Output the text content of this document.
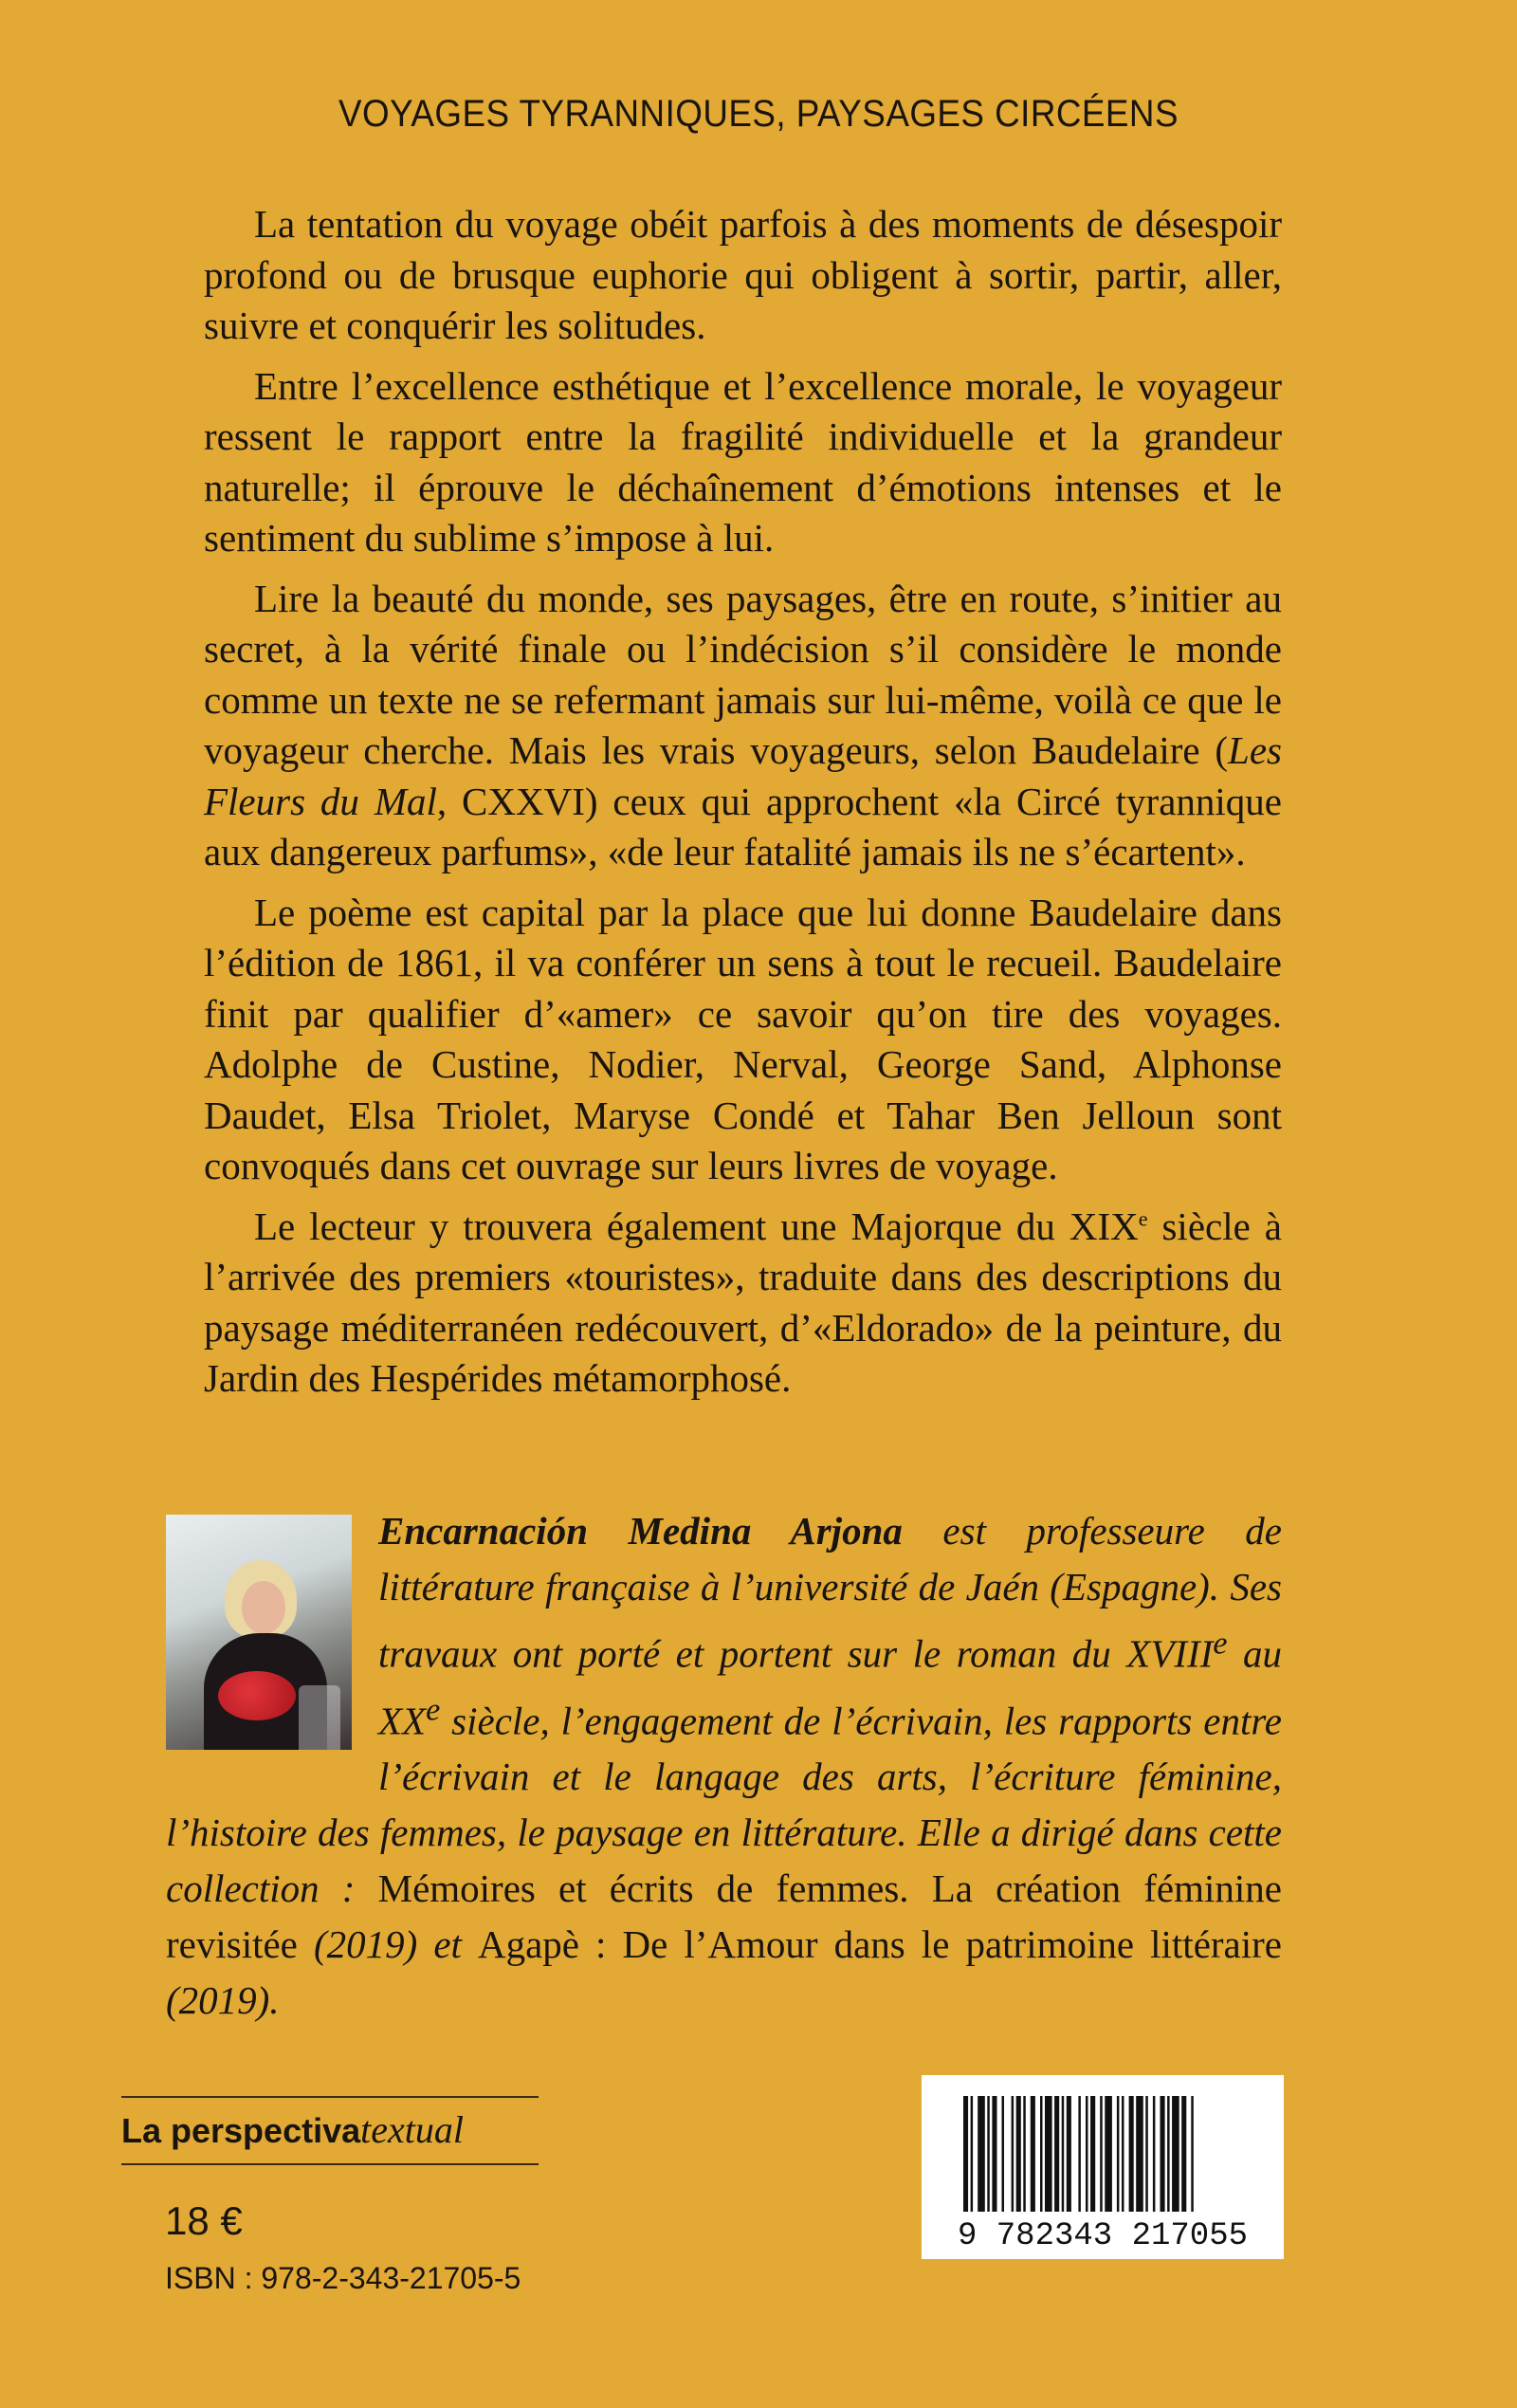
VOYAGES TYRANNIQUES, PAYSAGES CIRCÉENS

La tentation du voyage obéit parfois à des moments de désespoir profond ou de brusque euphorie qui obligent à sortir, partir, aller, suivre et conquérir les solitudes.

Entre l’excellence esthétique et l’excellence morale, le voyageur ressent le rapport entre la fragilité individuelle et la grandeur naturelle; il éprouve le déchaînement d’émotions intenses et le sentiment du sublime s’impose à lui.

Lire la beauté du monde, ses paysages, être en route, s’initier au secret, à la vérité finale ou l’indécision s’il considère le monde comme un texte ne se refermant jamais sur lui-même, voilà ce que le voyageur cherche. Mais les vrais voyageurs, selon Baudelaire (Les Fleurs du Mal, CXXVI) ceux qui approchent «la Circé tyrannique aux dangereux parfums», «de leur fatalité jamais ils ne s’écartent».

Le poème est capital par la place que lui donne Baudelaire dans l’édition de 1861, il va conférer un sens à tout le recueil. Baudelaire finit par qualifier d’«amer» ce savoir qu’on tire des voyages. Adolphe de Custine, Nodier, Nerval, George Sand, Alphonse Daudet, Elsa Triolet, Maryse Condé et Tahar Ben Jelloun sont convoqués dans cet ouvrage sur leurs livres de voyage.

Le lecteur y trouvera également une Majorque du XIXe siècle à l’arrivée des premiers «touristes», traduite dans des descriptions du paysage méditerranéen redécouvert, d’«Eldorado» de la peinture, du Jardin des Hespérides métamorphosé.

Encarnación Medina Arjona est professeure de littérature française à l’université de Jaén (Espagne). Ses travaux ont porté et portent sur le roman du XVIIIe au XXe siècle, l’engagement de l’écrivain, les rapports entre l’écrivain et le langage des arts, l’écriture féminine, l’histoire des femmes, le paysage en littérature. Elle a dirigé dans cette collection : Mémoires et écrits de femmes. La création féminine revisitée (2019) et Agapè : De l’Amour dans le patrimoine littéraire (2019).
La perspectivatextual
18 €
ISBN : 978-2-343-21705-5
9 782343 217055
